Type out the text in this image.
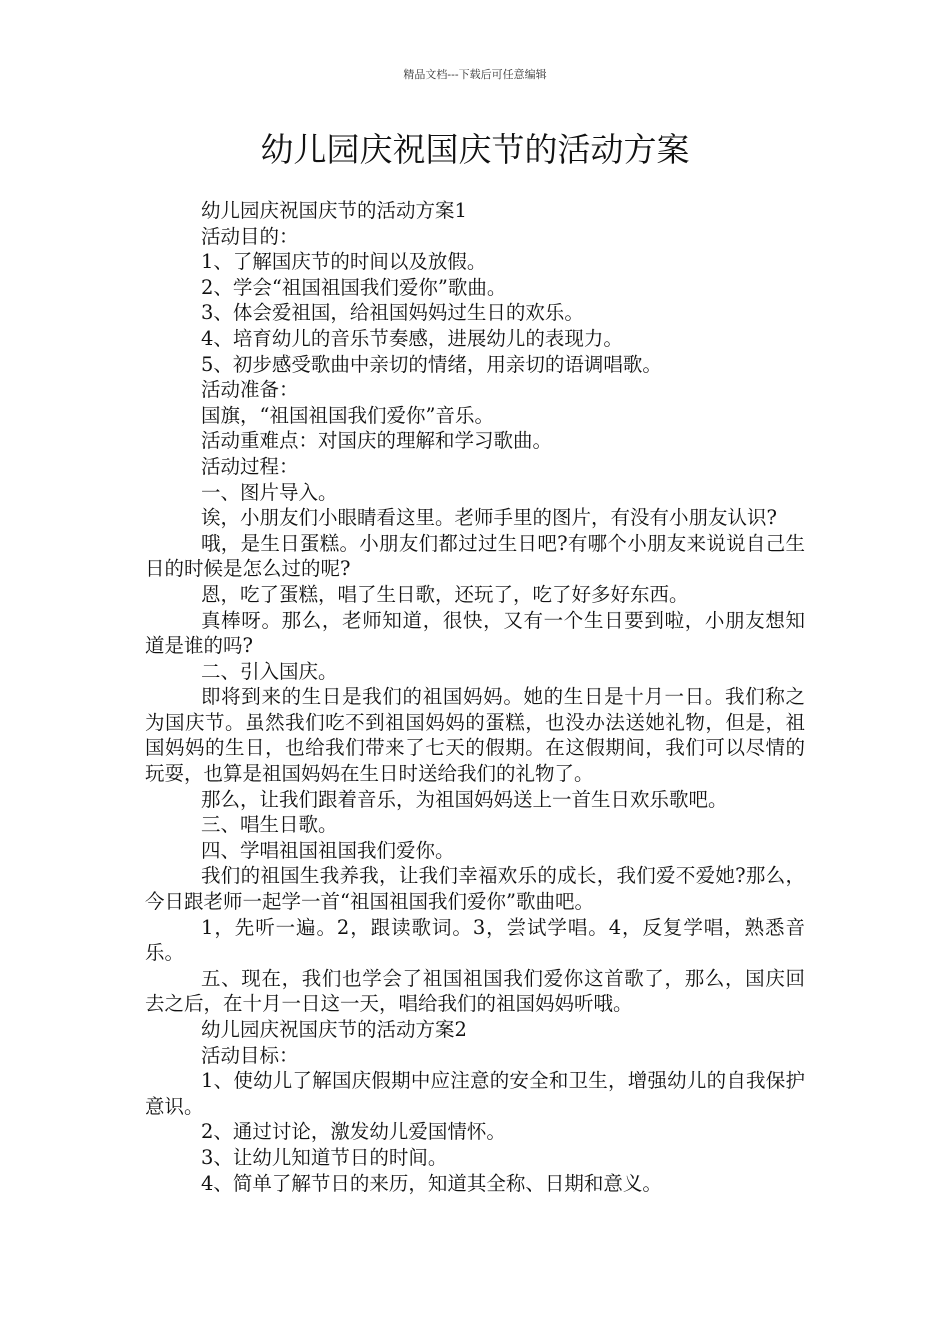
精品文档---下载后可任意编辑
幼儿园庆祝国庆节的活动方案

幼儿园庆祝国庆节的活动方案1

活动目的：

1、了解国庆节的时间以及放假。

2、学会“祖国祖国我们爱你”歌曲。

3、体会爱祖国，给祖国妈妈过生日的欢乐。

4、培育幼儿的音乐节奏感，进展幼儿的表现力。

5、初步感受歌曲中亲切的情绪，用亲切的语调唱歌。

活动准备：

国旗，“祖国祖国我们爱你”音乐。

活动重难点：对国庆的理解和学习歌曲。

活动过程：

一、图片导入。

诶，小朋友们小眼睛看这里。老师手里的图片，有没有小朋友认识?

哦，是生日蛋糕。小朋友们都过过生日吧?有哪个小朋友来说说自己生日的时候是怎么过的呢?

恩，吃了蛋糕，唱了生日歌，还玩了，吃了好多好东西。

真棒呀。那么，老师知道，很快，又有一个生日要到啦，小朋友想知道是谁的吗?

二、引入国庆。

即将到来的生日是我们的祖国妈妈。她的生日是十月一日。我们称之为国庆节。虽然我们吃不到祖国妈妈的蛋糕，也没办法送她礼物，但是，祖国妈妈的生日，也给我们带来了七天的假期。在这假期间，我们可以尽情的玩耍，也算是祖国妈妈在生日时送给我们的礼物了。

那么，让我们跟着音乐，为祖国妈妈送上一首生日欢乐歌吧。

三、唱生日歌。

四、学唱祖国祖国我们爱你。

我们的祖国生我养我，让我们幸福欢乐的成长，我们爱不爱她?那么，今日跟老师一起学一首“祖国祖国我们爱你”歌曲吧。

1，先听一遍。2，跟读歌词。3，尝试学唱。4，反复学唱，熟悉音乐。

五、现在，我们也学会了祖国祖国我们爱你这首歌了，那么，国庆回去之后，在十月一日这一天，唱给我们的祖国妈妈听哦。

幼儿园庆祝国庆节的活动方案2

活动目标：

1、使幼儿了解国庆假期中应注意的安全和卫生，增强幼儿的自我保护意识。

2、通过讨论，激发幼儿爱国情怀。

3、让幼儿知道节日的时间。

4、简单了解节日的来历，知道其全称、日期和意义。
